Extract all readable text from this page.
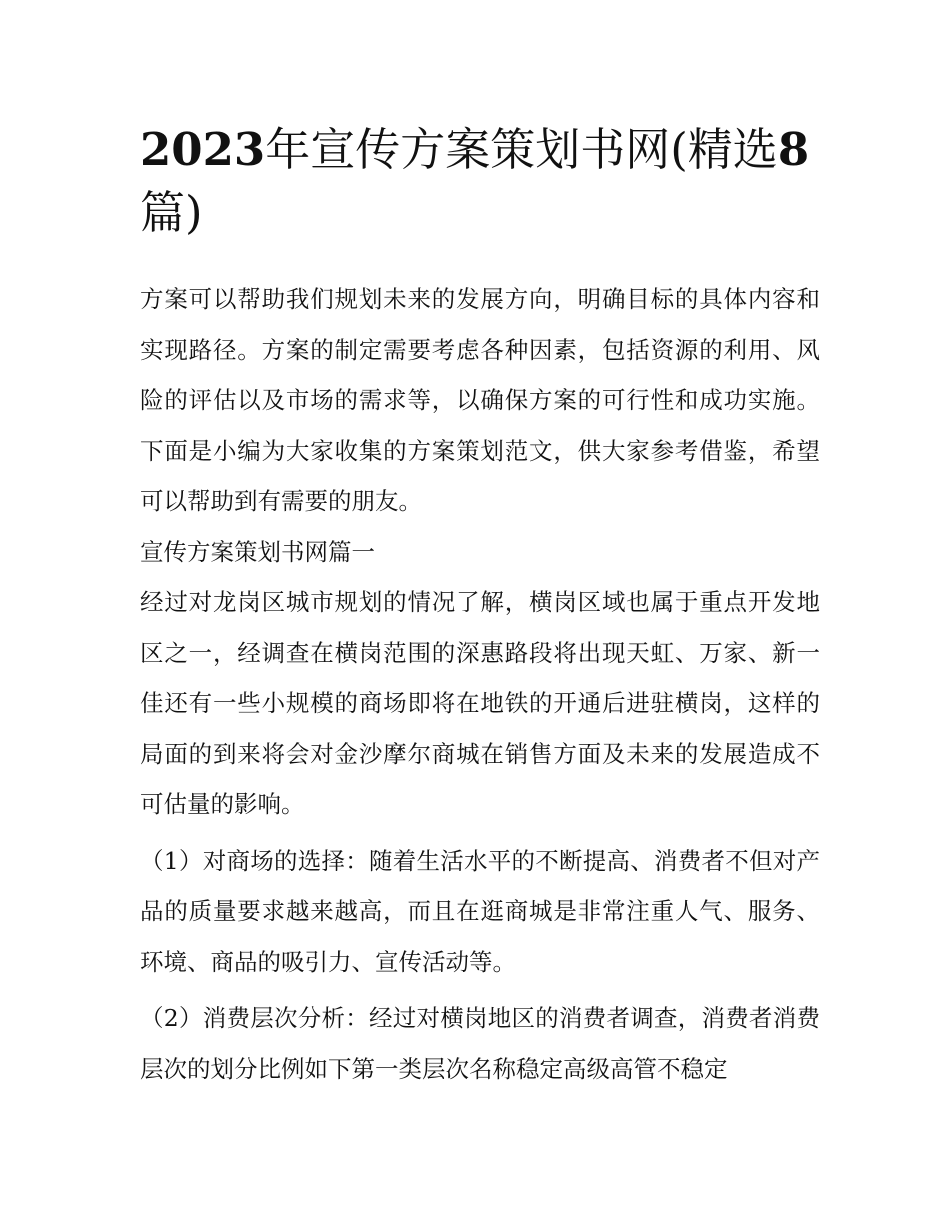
2023年宣传方案策划书网(精选8篇)

方案可以帮助我们规划未来的发展方向，明确目标的具体内容和实现路径。方案的制定需要考虑各种因素，包括资源的利用、风险的评估以及市场的需求等，以确保方案的可行性和成功实施。下面是小编为大家收集的方案策划范文，供大家参考借鉴，希望可以帮助到有需要的朋友。

宣传方案策划书网篇一

经过对龙岗区城市规划的情况了解，横岗区域也属于重点开发地区之一，经调查在横岗范围的深惠路段将出现天虹、万家、新一佳还有一些小规模的商场即将在地铁的开通后进驻横岗，这样的局面的到来将会对金沙摩尔商城在销售方面及未来的发展造成不可估量的影响。

（1）对商场的选择：随着生活水平的不断提高、消费者不但对产品的质量要求越来越高，而且在逛商城是非常注重人气、服务、环境、商品的吸引力、宣传活动等。

（2）消费层次分析：经过对横岗地区的消费者调查，消费者消费层次的划分比例如下第一类层次名称稳定高级高管不稳定
